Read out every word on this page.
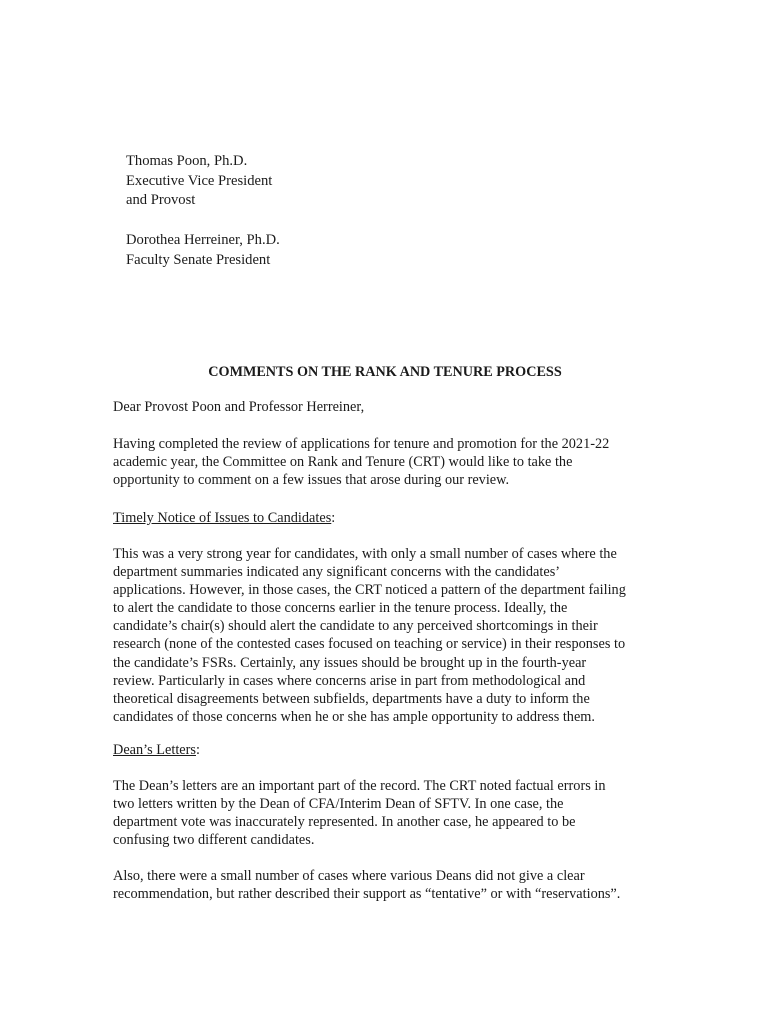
Thomas Poon, Ph.D.
Executive Vice President
and Provost
Dorothea Herreiner, Ph.D.
Faculty Senate President
COMMENTS ON THE RANK AND TENURE PROCESS
Dear Provost Poon and Professor Herreiner,
Having completed the review of applications for tenure and promotion for the 2021-22
academic year, the Committee on Rank and Tenure (CRT) would like to take the
opportunity to comment on a few issues that arose during our review.
Timely Notice of Issues to Candidates:
This was a very strong year for candidates, with only a small number of cases where the
department summaries indicated any significant concerns with the candidates’
applications. However, in those cases, the CRT noticed a pattern of the department failing
to alert the candidate to those concerns earlier in the tenure process. Ideally, the
candidate’s chair(s) should alert the candidate to any perceived shortcomings in their
research (none of the contested cases focused on teaching or service) in their responses to
the candidate’s FSRs. Certainly, any issues should be brought up in the fourth-year
review. Particularly in cases where concerns arise in part from methodological and
theoretical disagreements between subfields, departments have a duty to inform the
candidates of those concerns when he or she has ample opportunity to address them.
Dean’s Letters:
The Dean’s letters are an important part of the record. The CRT noted factual errors in
two letters written by the Dean of CFA/Interim Dean of SFTV. In one case, the
department vote was inaccurately represented. In another case, he appeared to be
confusing two different candidates.
Also, there were a small number of cases where various Deans did not give a clear
recommendation, but rather described their support as “tentative” or with “reservations”.
